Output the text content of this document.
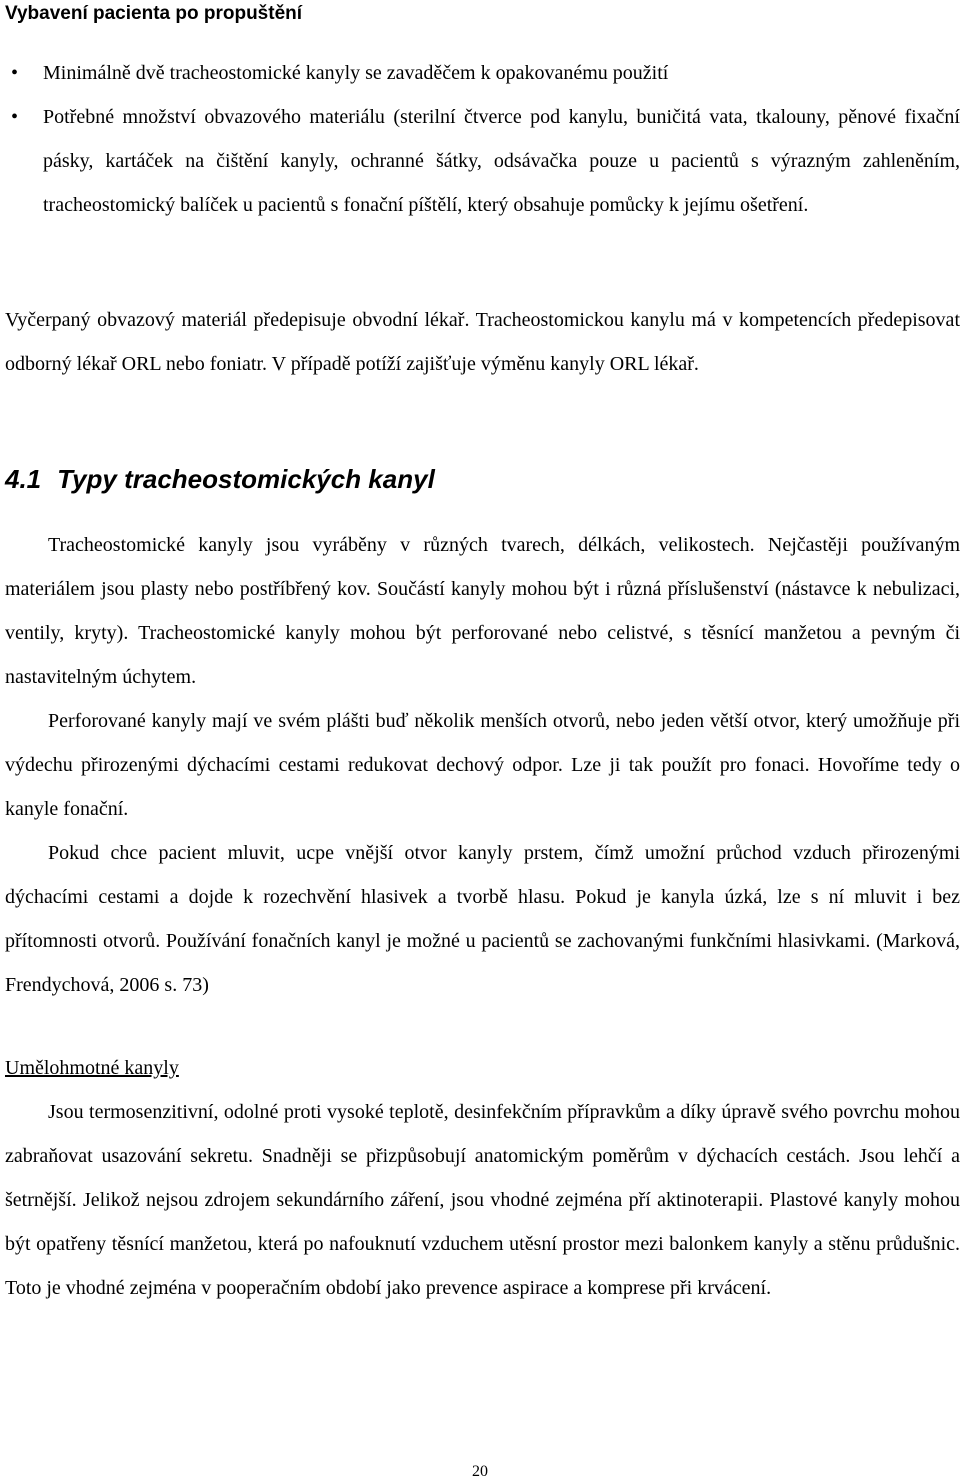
Vybavení pacienta po propuštění
• Minimálně dvě tracheostomické kanyly se zavaděčem k opakovanému použití
• Potřebné množství obvazového materiálu (sterilní čtverce pod kanylu, buničitá vata, tkalouny, pěnové fixační pásky, kartáček na čištění kanyly, ochranné šátky, odsávačka pouze u pacientů s výrazným zahleněním, tracheostomický balíček u pacientů s fonační píštělí, který obsahuje pomůcky k jejímu ošetření.

Vyčerpaný obvazový materiál předepisuje obvodní lékař. Tracheostomickou kanylu má v kompetencích předepisovat odborný lékař ORL nebo foniatr. V případě potíží zajišťuje výměnu kanyly ORL lékař.

4.1 Typy tracheostomických kanyl

Tracheostomické kanyly jsou vyráběny v různých tvarech, délkách, velikostech. Nejčastěji používaným materiálem jsou plasty nebo postříbřený kov. Součástí kanyly mohou být i různá příslušenství (nástavce k nebulizaci, ventily, kryty). Tracheostomické kanyly mohou být perforované nebo celistvé, s těsnící manžetou a pevným či nastavitelným úchytem.

Perforované kanyly mají ve svém plášti buď několik menších otvorů, nebo jeden větší otvor, který umožňuje při výdechu přirozenými dýchacími cestami redukovat dechový odpor. Lze ji tak použít pro fonaci. Hovoříme tedy o kanyle fonační.

Pokud chce pacient mluvit, ucpe vnější otvor kanyly prstem, čímž umožní průchod vzduch přirozenými dýchacími cestami a dojde k rozechvění hlasivek a tvorbě hlasu. Pokud je kanyla úzká, lze s ní mluvit i bez přítomnosti otvorů. Používání fonačních kanyl je možné u pacientů se zachovanými funkčními hlasivkami. (Marková, Frendychová, 2006 s. 73)

Umělohmotné kanyly

Jsou termosenzitivní, odolné proti vysoké teplotě, desinfekčním přípravkům a díky úpravě svého povrchu mohou zabraňovat usazování sekretu. Snadněji se přizpůsobují anatomickým poměrům v dýchacích cestách. Jsou lehčí a šetrnější. Jelikož nejsou zdrojem sekundárního záření, jsou vhodné zejména pří aktinoterapii. Plastové kanyly mohou být opatřeny těsnící manžetou, která po nafouknutí vzduchem utěsní prostor mezi balonkem kanyly a stěnu průdušnic. Toto je vhodné zejména v pooperačním období jako prevence aspirace a komprese při krvácení.

20
